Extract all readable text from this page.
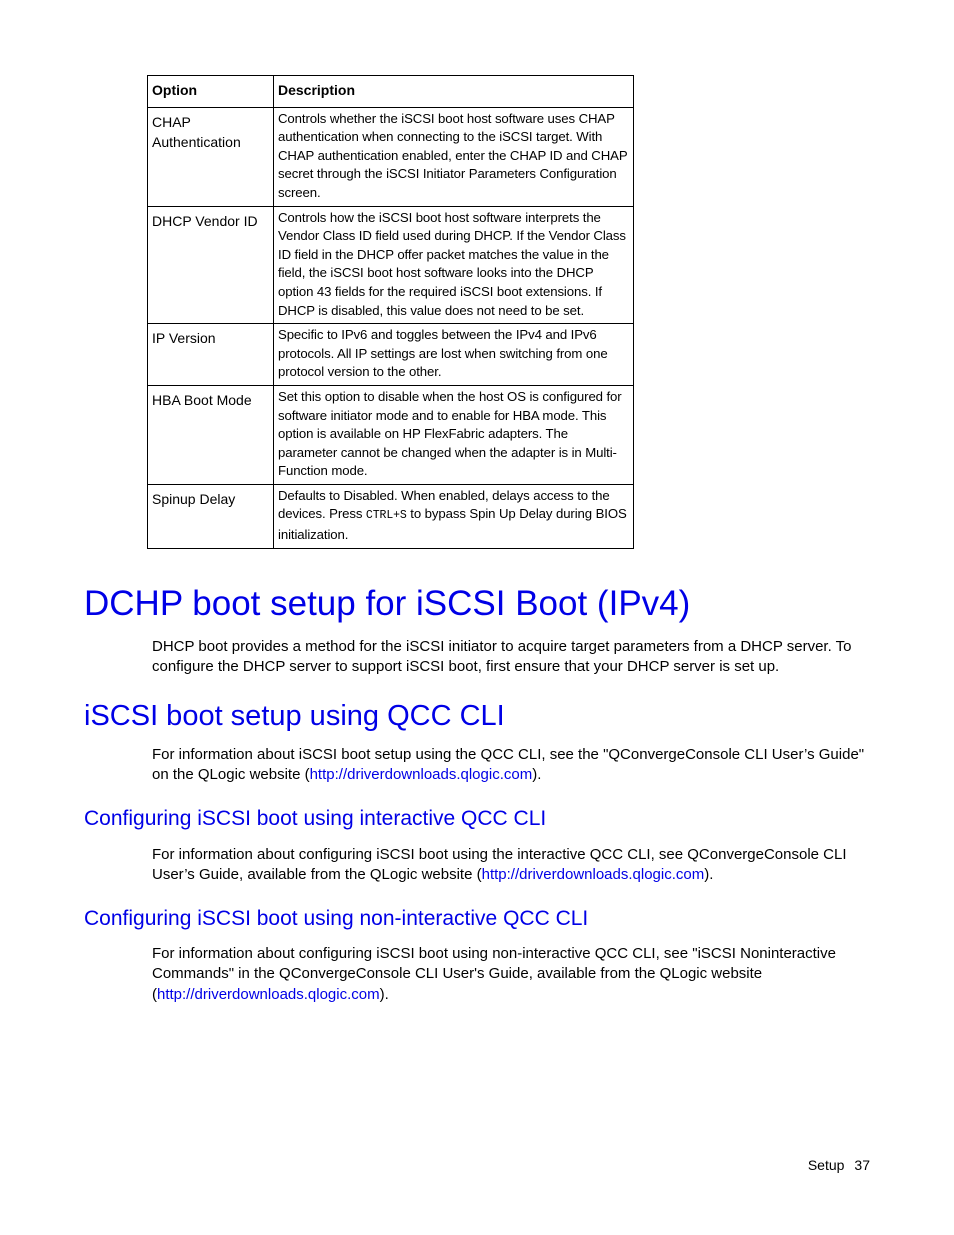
Option	Description
CHAP Authentication	Controls whether the iSCSI boot host software uses CHAP authentication when connecting to the iSCSI target. With CHAP authentication enabled, enter the CHAP ID and CHAP secret through the iSCSI Initiator Parameters Configuration screen.
DHCP Vendor ID	Controls how the iSCSI boot host software interprets the Vendor Class ID field used during DHCP. If the Vendor Class ID field in the DHCP offer packet matches the value in the field, the iSCSI boot host software looks into the DHCP option 43 fields for the required iSCSI boot extensions. If DHCP is disabled, this value does not need to be set.
IP Version	Specific to IPv6 and toggles between the IPv4 and IPv6 protocols. All IP settings are lost when switching from one protocol version to the other.
HBA Boot Mode	Set this option to disable when the host OS is configured for software initiator mode and to enable for HBA mode. This option is available on HP FlexFabric adapters. The parameter cannot be changed when the adapter is in Multi-Function mode.
Spinup Delay	Defaults to Disabled. When enabled, delays access to the devices. Press CTRL+S to bypass Spin Up Delay during BIOS initialization.
DCHP boot setup for iSCSI Boot (IPv4)

DHCP boot provides a method for the iSCSI initiator to acquire target parameters from a DHCP server. To configure the DHCP server to support iSCSI boot, first ensure that your DHCP server is set up.

iSCSI boot setup using QCC CLI

For information about iSCSI boot setup using the QCC CLI, see the "QConvergeConsole CLI User’s Guide" on the QLogic website (http://driverdownloads.qlogic.com).

Configuring iSCSI boot using interactive QCC CLI

For information about configuring iSCSI boot using the interactive QCC CLI, see QConvergeConsole CLI User’s Guide, available from the QLogic website (http://driverdownloads.qlogic.com).

Configuring iSCSI boot using non-interactive QCC CLI

For information about configuring iSCSI boot using non-interactive QCC CLI, see "iSCSI Noninteractive Commands" in the QConvergeConsole CLI User's Guide, available from the QLogic website (http://driverdownloads.qlogic.com).

Setup 37
